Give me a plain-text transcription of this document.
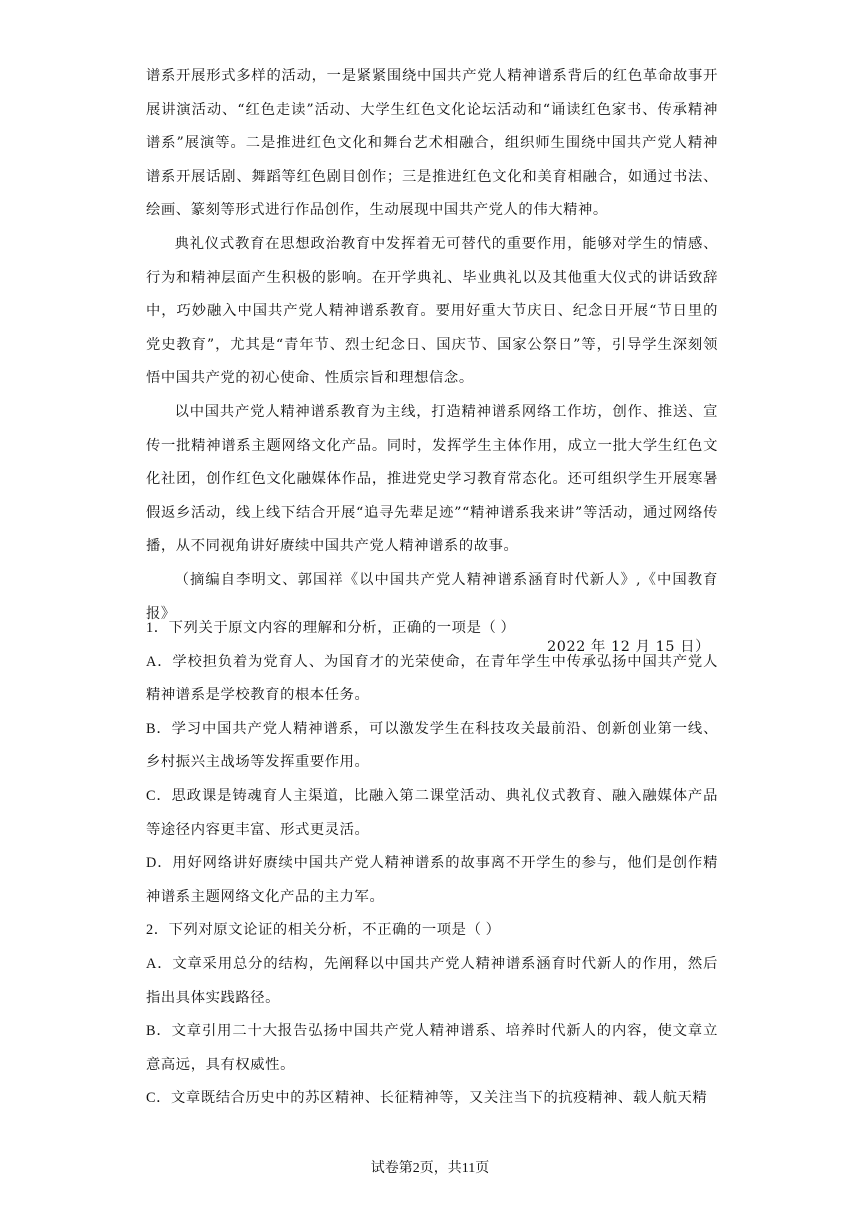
谱系开展形式多样的活动，一是紧紧围绕中国共产党人精神谱系背后的红色革命故事开展讲演活动、“红色走读”活动、大学生红色文化论坛活动和“诵读红色家书、传承精神谱系”展演等。二是推进红色文化和舞台艺术相融合，组织师生围绕中国共产党人精神谱系开展话剧、舞蹈等红色剧目创作；三是推进红色文化和美育相融合，如通过书法、绘画、篆刻等形式进行作品创作，生动展现中国共产党人的伟大精神。

典礼仪式教育在思想政治教育中发挥着无可替代的重要作用，能够对学生的情感、行为和精神层面产生积极的影响。在开学典礼、毕业典礼以及其他重大仪式的讲话致辞中，巧妙融入中国共产党人精神谱系教育。要用好重大节庆日、纪念日开展“节日里的党史教育”，尤其是“青年节、烈士纪念日、国庆节、国家公祭日”等，引导学生深刻领悟中国共产党的初心使命、性质宗旨和理想信念。

以中国共产党人精神谱系教育为主线，打造精神谱系网络工作坊，创作、推送、宣传一批精神谱系主题网络文化产品。同时，发挥学生主体作用，成立一批大学生红色文化社团，创作红色文化融媒体作品，推进党史学习教育常态化。还可组织学生开展寒暑假返乡活动，线上线下结合开展“追寻先辈足迹”“精神谱系我来讲”等活动，通过网络传播，从不同视角讲好赓续中国共产党人精神谱系的故事。

（摘编自李明文、郭国祥《以中国共产党人精神谱系涵育时代新人》,《中国教育报》

2022 年 12 月 15 日）

1．下列关于原文内容的理解和分析，正确的一项是（ ）

A．学校担负着为党育人、为国育才的光荣使命，在青年学生中传承弘扬中国共产党人精神谱系是学校教育的根本任务。

B．学习中国共产党人精神谱系，可以激发学生在科技攻关最前沿、创新创业第一线、乡村振兴主战场等发挥重要作用。

C．思政课是铸魂育人主渠道，比融入第二课堂活动、典礼仪式教育、融入融媒体产品等途径内容更丰富、形式更灵活。

D．用好网络讲好赓续中国共产党人精神谱系的故事离不开学生的参与，他们是创作精神谱系主题网络文化产品的主力军。

2．下列对原文论证的相关分析，不正确的一项是（ ）

A．文章采用总分的结构，先阐释以中国共产党人精神谱系涵育时代新人的作用，然后指出具体实践路径。

B．文章引用二十大报告弘扬中国共产党人精神谱系、培养时代新人的内容，使文章立意高远，具有权威性。

C．文章既结合历史中的苏区精神、长征精神等，又关注当下的抗疫精神、载人航天精

试卷第2页，共11页
